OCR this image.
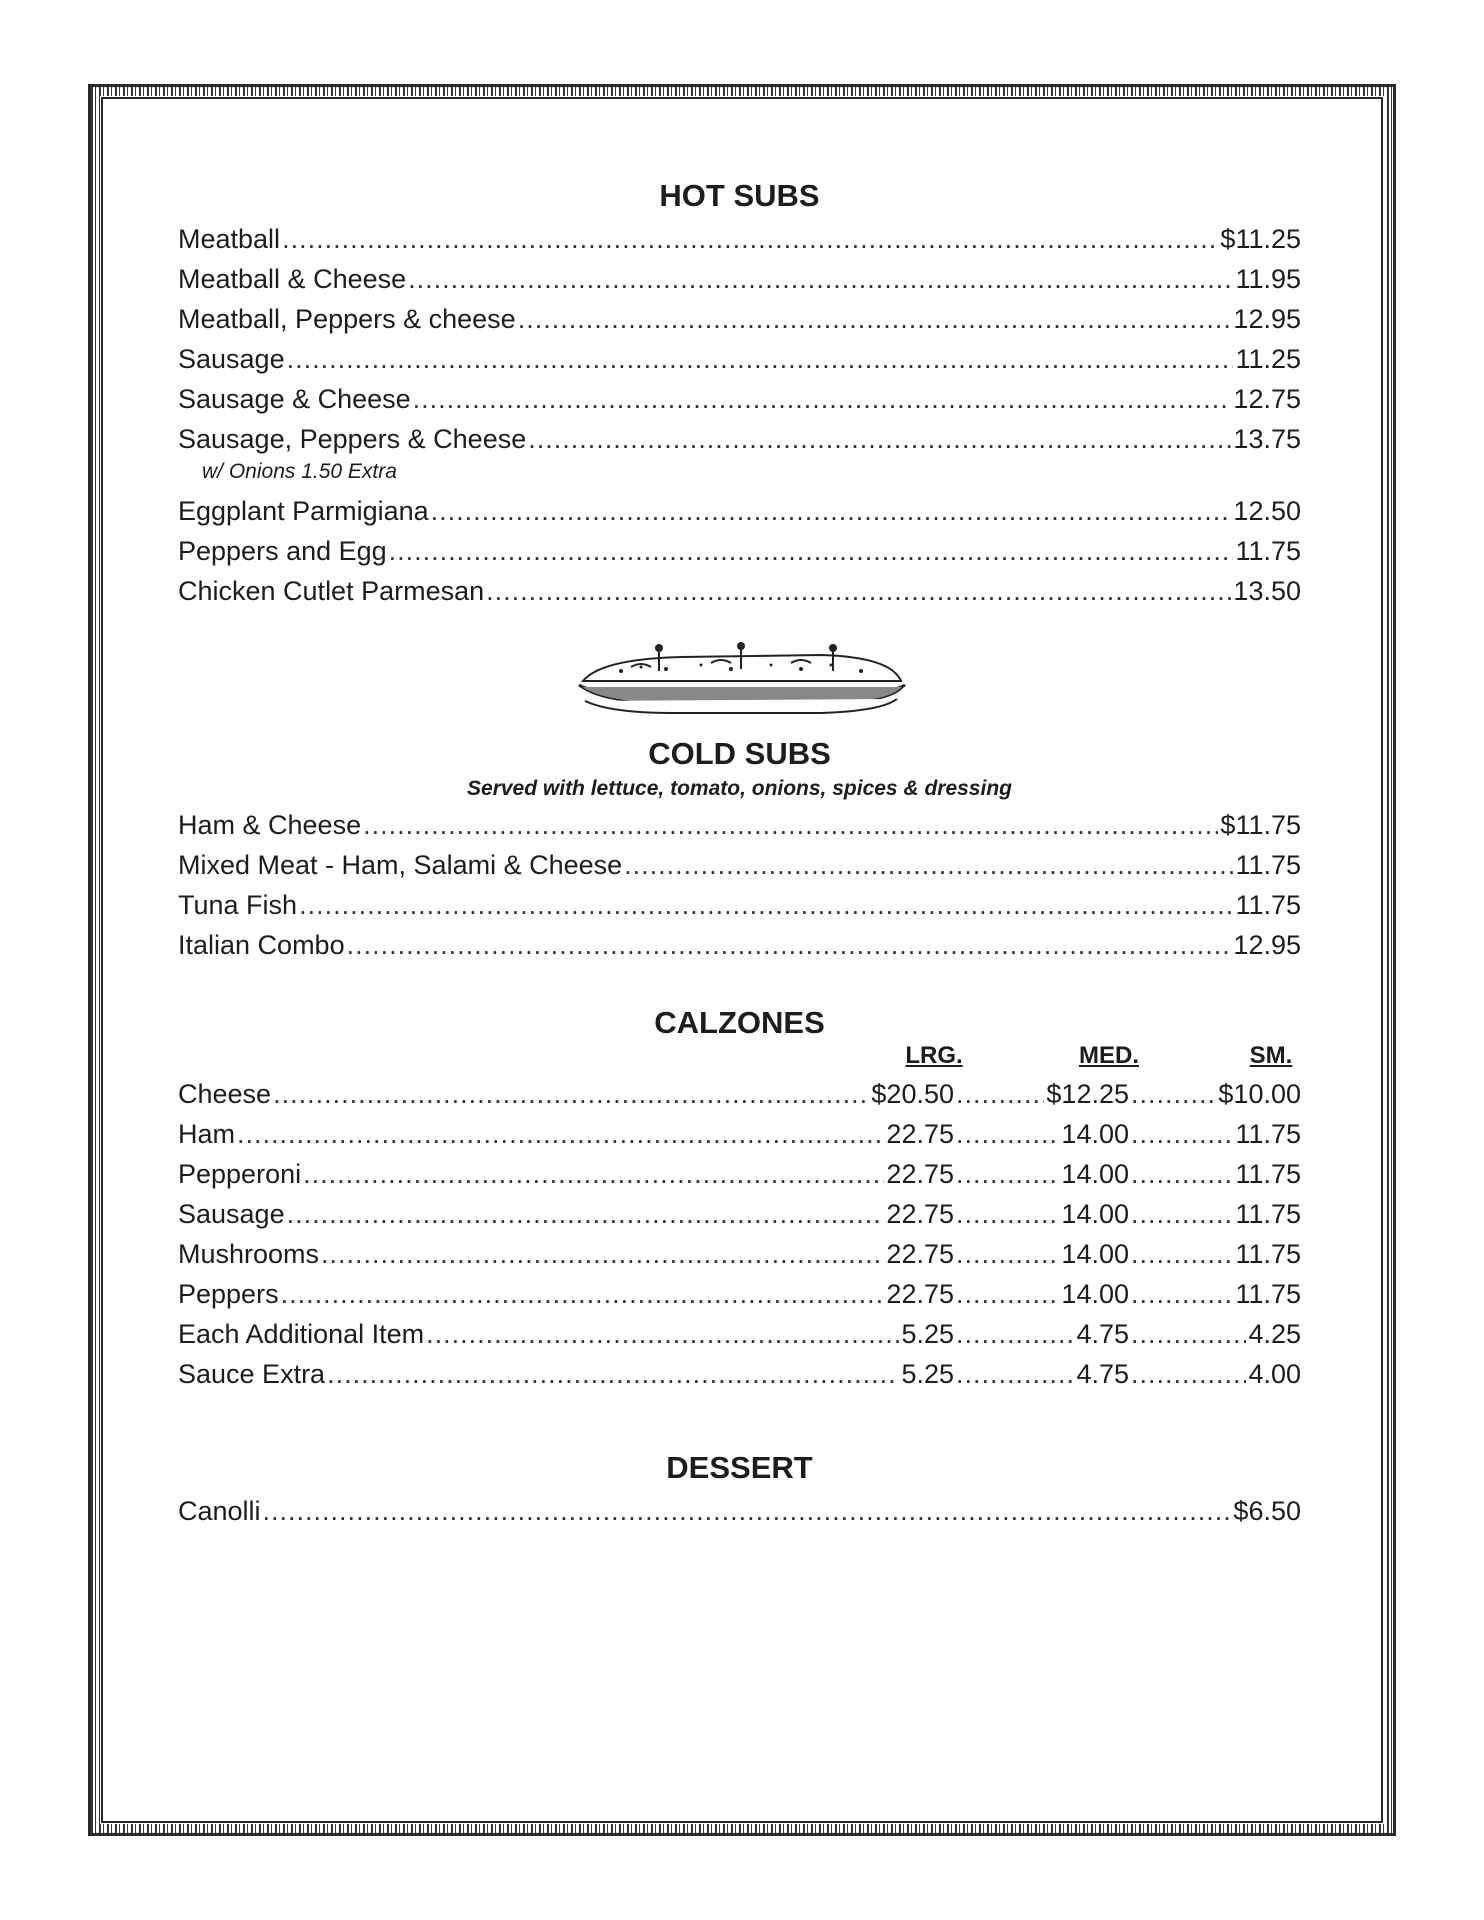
HOT SUBS
Meatball .....	$11.25
Meatball & Cheese .....	11.95
Meatball, Peppers & cheese .....	12.95
Sausage .....	11.25
Sausage & Cheese .....	12.75
Sausage, Peppers & Cheese .....	13.75
w/ Onions 1.50 Extra
Eggplant Parmigiana .....	12.50
Peppers and Egg .....	11.75
Chicken Cutlet Parmesan .....	13.50
COLD SUBS
Served with lettuce, tomato, onions, spices & dressing
Ham & Cheese .....	$11.75
Mixed Meat - Ham, Salami & Cheese .....	11.75
Tuna Fish .....	11.75
Italian Combo .....	12.95
CALZONES
LRG.	MED.	SM.
Cheese .....	$20.50 .....	$12.25 .....	$10.00
Ham .....	22.75 .....	14.00 .....	11.75
Pepperoni .....	22.75 .....	14.00 .....	11.75
Sausage .....	22.75 .....	14.00 .....	11.75
Mushrooms .....	22.75 .....	14.00 .....	11.75
Peppers .....	22.75 .....	14.00 .....	11.75
Each Additional Item .....	5.25 .....	4.75 .....	4.25
Sauce Extra .....	5.25 .....	4.75 .....	4.00
DESSERT
Canolli .....	$6.50
